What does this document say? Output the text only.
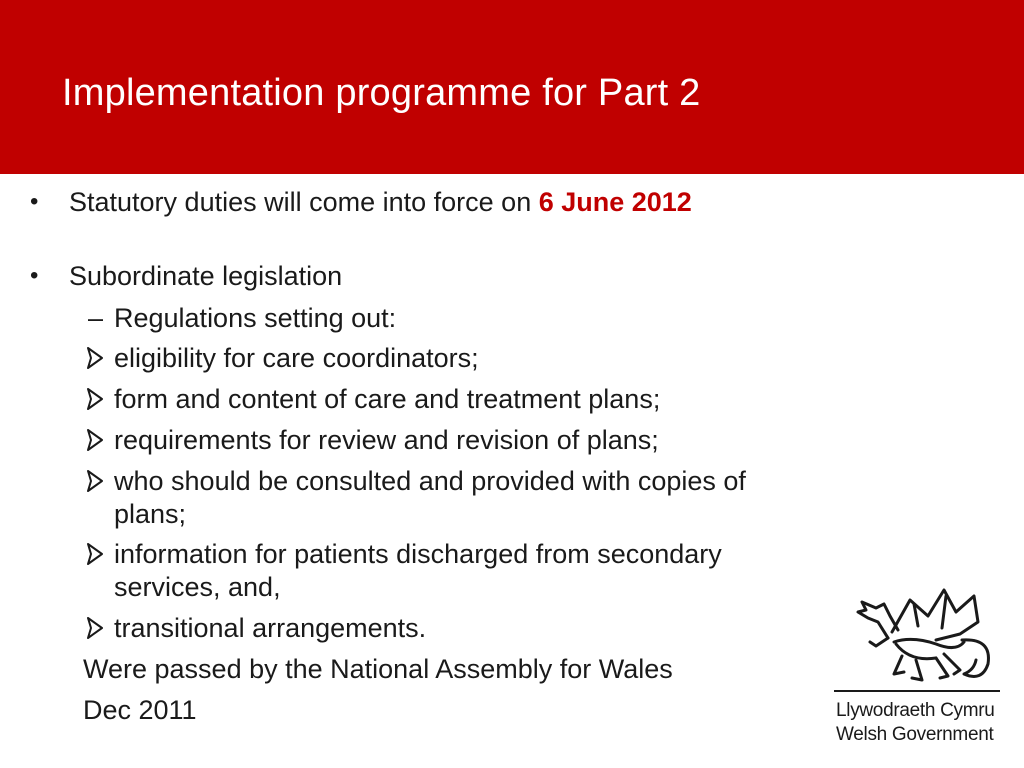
Implementation programme for Part 2
• Statutory duties will come into force on 6 June 2012
• Subordinate legislation
– Regulations setting out:
eligibility for care coordinators;
form and content of care and treatment plans;
requirements for review and revision of plans;
who should be consulted and provided with copies of
plans;
information for patients discharged from secondary
services, and,
transitional arrangements.
Were passed by the National Assembly for Wales
Dec 2011	Llywodraeth Cymru
Welsh Government
